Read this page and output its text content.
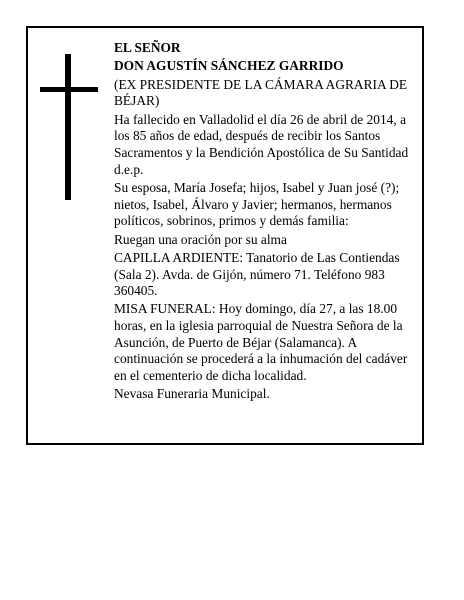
EL SEÑOR

DON AGUSTÍN SÁNCHEZ GARRIDO

(EX PRESIDENTE DE LA CÁMARA AGRARIA DE BÉJAR)

Ha fallecido en Valladolid el día 26 de abril de 2014, a los 85 años de edad, después de recibir los Santos Sacramentos y la Bendición Apostólica de Su Santidad d.e.p.

Su esposa, María Josefa; hijos, Isabel y Juan josé (?); nietos, Isabel, Álvaro y Javier; hermanos, hermanos políticos, sobrinos, primos y demás familia:

Ruegan una oración por su alma

CAPILLA ARDIENTE: Tanatorio de Las Contiendas (Sala 2). Avda. de Gijón, número 71. Teléfono 983 360405.

MISA FUNERAL: Hoy domingo, día 27, a las 18.00 horas, en la iglesia parroquial de Nuestra Señora de la Asunción, de Puerto de Béjar (Salamanca). A continuación se procederá a la inhumación del cadáver en el cementerio de dicha localidad.

Nevasa Funeraria Municipal.
